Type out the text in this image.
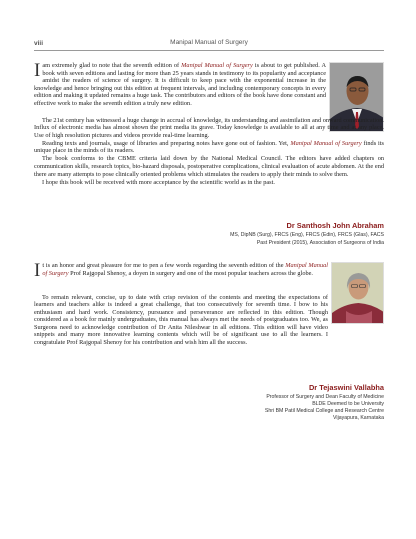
viii	Manipal Manual of Surgery

I am extremely glad to note that the seventh edition of Manipal Manual of Surgery is about to get published. A book with seven editions and lasting for more than 25 years stands in testimony to its popularity and acceptance amidst the readers of science of surgery. It is difficult to keep pace with the exponential increase in the knowledge and hence bringing out this edition at frequent intervals, and including contemporary concepts in every edition and making it updated remains a huge task. The contributors and editors of the book have done constant and effective work to make the seventh edition a truly new edition.

The 21st century has witnessed a huge change in accrual of knowledge, its understanding and assimilation and onward communication. Influx of electronic media has almost shown the print media its grave. Today knowledge is available to all at any time and at any place. Use of high resolution pictures and videos provide real-time learning.

Reading texts and journals, usage of libraries and preparing notes have gone out of fashion. Yet, Manipal Manual of Surgery finds its unique place in the minds of its readers.

The book conforms to the CBME criteria laid down by the National Medical Council. The editors have added chapters on communication skills, research topics, bio-hazard disposals, postoperative complications, clinical evaluation of acute abdomen. At the end there are many attempts to pose clinically oriented problems which stimulates the readers to apply their minds to solve them.

I hope this book will be received with more acceptance by the scientific world as in the past.

Dr Santhosh John Abraham
MS, DipNB (Surg), FRCS (Eng), FRCS (Edin), FRCS (Glas), FACS
Past President (2015), Association of Surgeons of India

It is an honor and great pleasure for me to pen a few words regarding the seventh edition of the Manipal Manual of Surgery Prof Rajgopal Shenoy, a doyen in surgery and one of the most popular teachers across the globe.

To remain relevant, concise, up to date with crisp revision of the contents and meeting the expectations of learners and teachers alike is indeed a great challenge, that too consecutively for seventh time. I bow to his enthusiasm and hard work. Consistency, pursuance and perseverance are reflected in this edition. Though considered as a book for mainly undergraduates, this manual has always met the needs of postgraduates too. We, as Surgeons need to acknowledge contribution of Dr Anita Nileshwar in all editions. This edition will have video snippets and many more innovative learning contents which will be of significant use to all the learners. I congratulate Prof Rajgopal Shenoy for his contribution and wish him all the success.

Dr Tejaswini Vallabha
Professor of Surgery and Dean Faculty of Medicine
BLDE Deemed to be University
Shri BM Patil Medical College and Research Centre
Vijayapura, Karnataka
